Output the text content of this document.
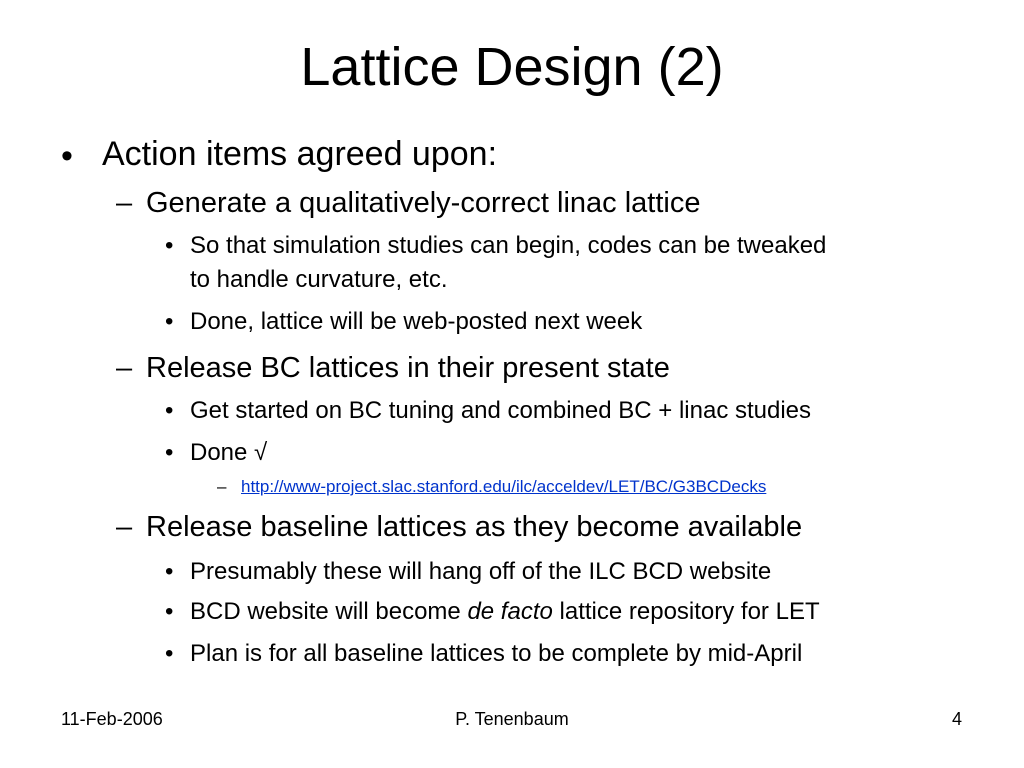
Lattice Design (2)
• Action items agreed upon:
– Generate a qualitatively-correct linac lattice
• So that simulation studies can begin, codes can be tweaked
to handle curvature, etc.
• Done, lattice will be web-posted next week
– Release BC lattices in their present state
• Get started on BC tuning and combined BC + linac studies
• Done √
– http://www-project.slac.stanford.edu/ilc/acceldev/LET/BC/G3BCDecks
– Release baseline lattices as they become available
• Presumably these will hang off of the ILC BCD website
• BCD website will become de facto lattice repository for LET
• Plan is for all baseline lattices to be complete by mid-April
11-Feb-2006	P. Tenenbaum	4
